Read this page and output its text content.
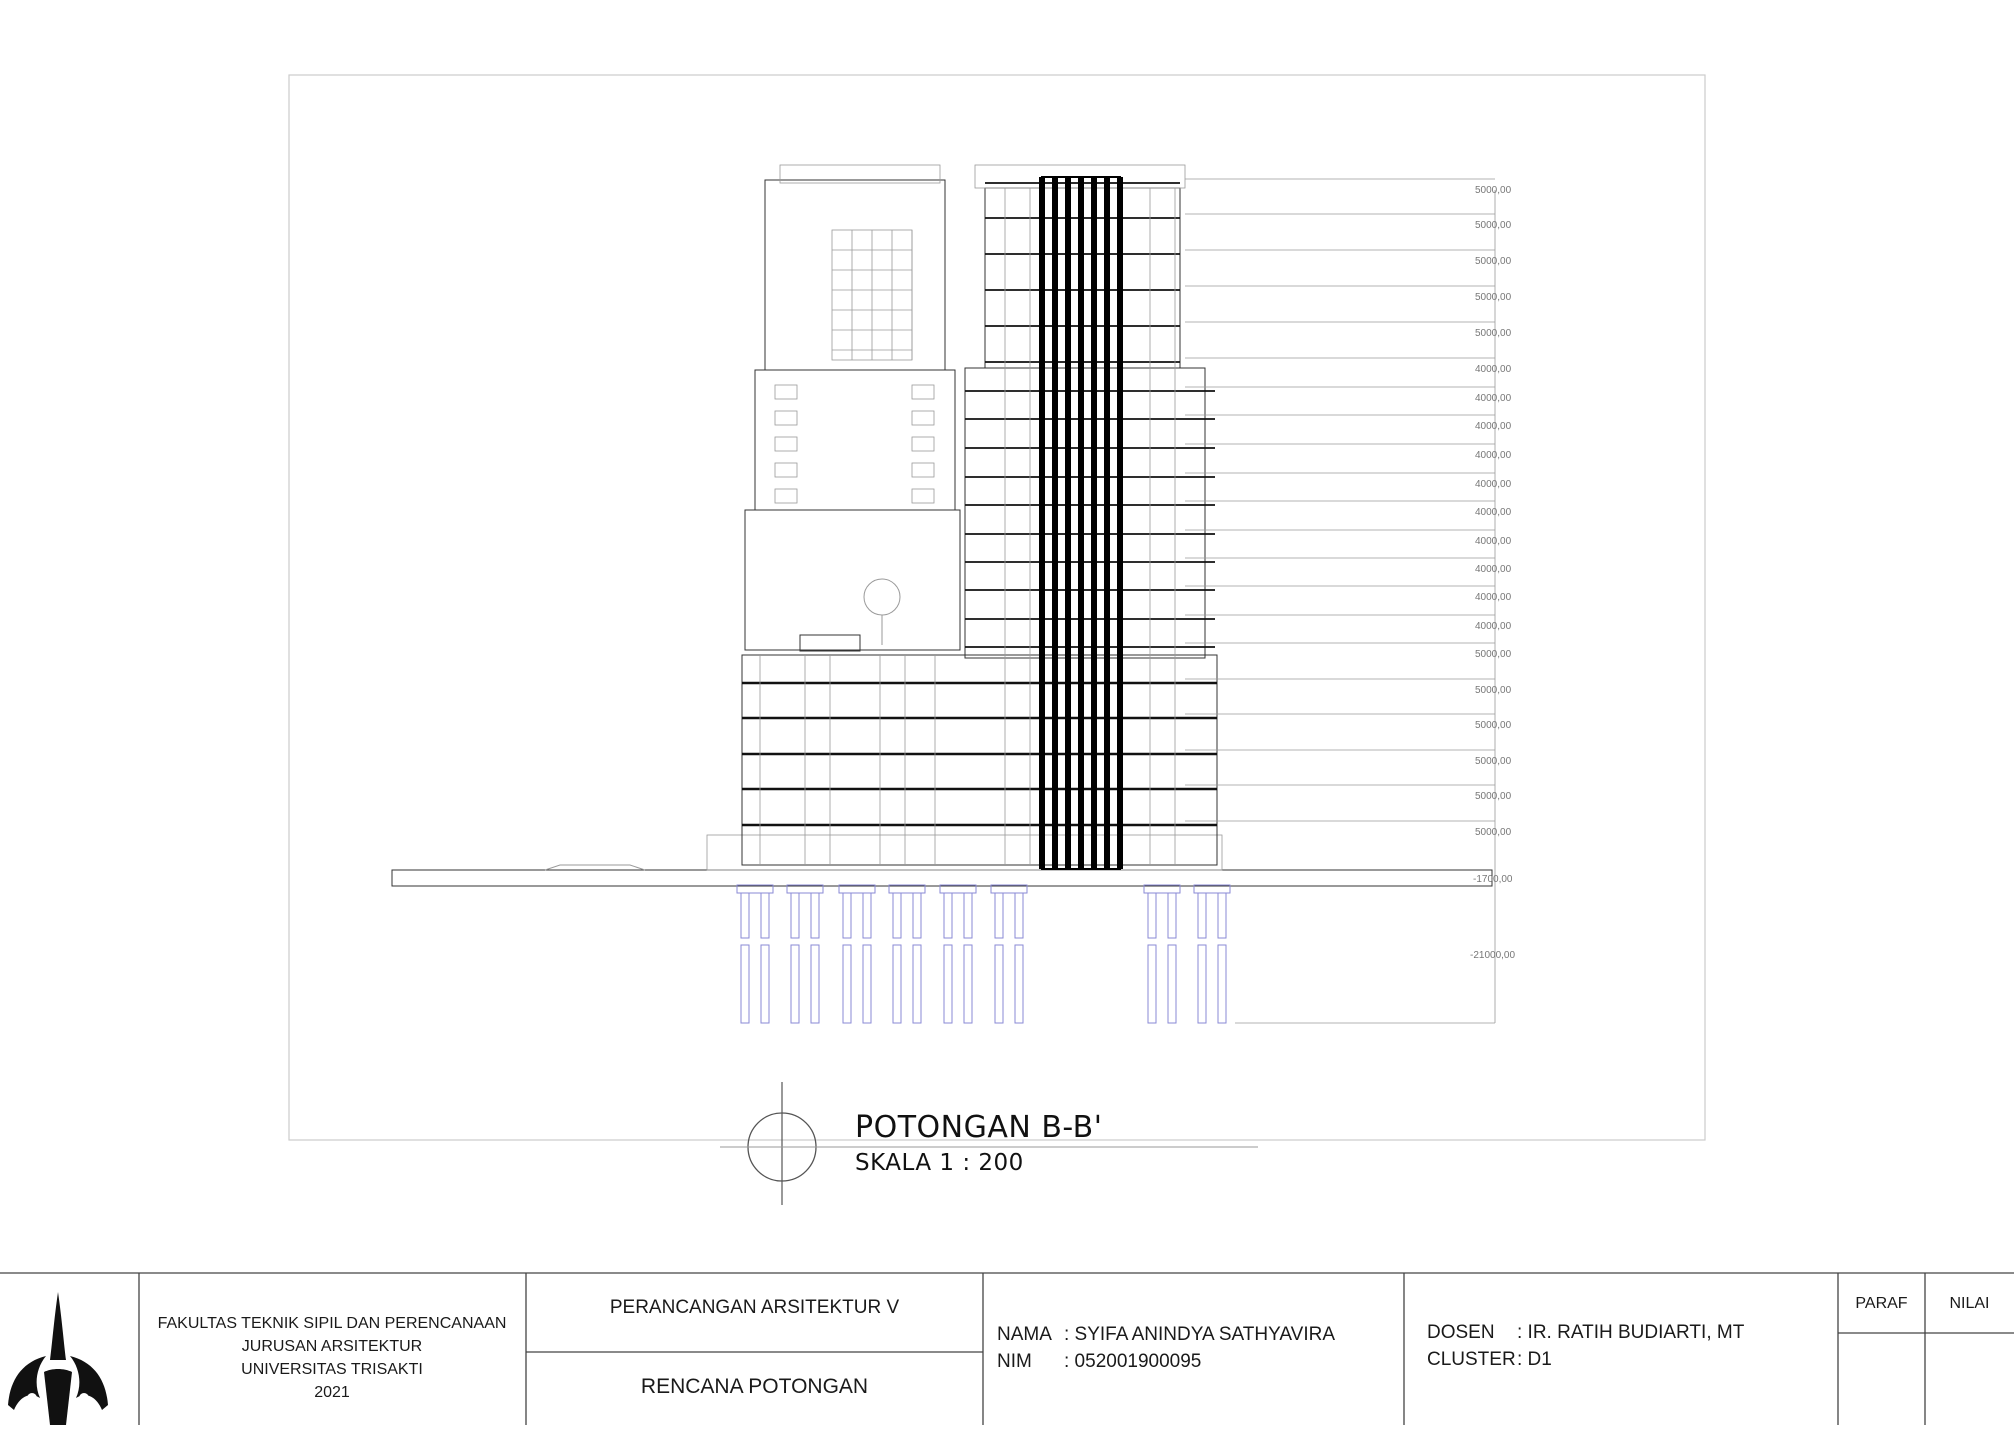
5000,00
5000,00
5000,00
5000,00
5000,00
4000,00
4000,00
4000,00
4000,00
4000,00
4000,00
4000,00
4000,00
4000,00
4000,00
5000,00
5000,00
5000,00
5000,00
5000,00
5000,00
-1700,00
-21000,00
POTONGAN B-B'
SKALA 1 : 200
FAKULTAS TEKNIK SIPIL DAN PERENCANAAN
JURUSAN ARSITEKTUR
UNIVERSITAS TRISAKTI
2021
PERANCANGAN ARSITEKTUR V
RENCANA POTONGAN
NAMA : SYIFA ANINDYA SATHYAVIRA
NIM : 052001900095
DOSEN : IR. RATIH BUDIARTI, MT
CLUSTER : D1
PARAF	NILAI
